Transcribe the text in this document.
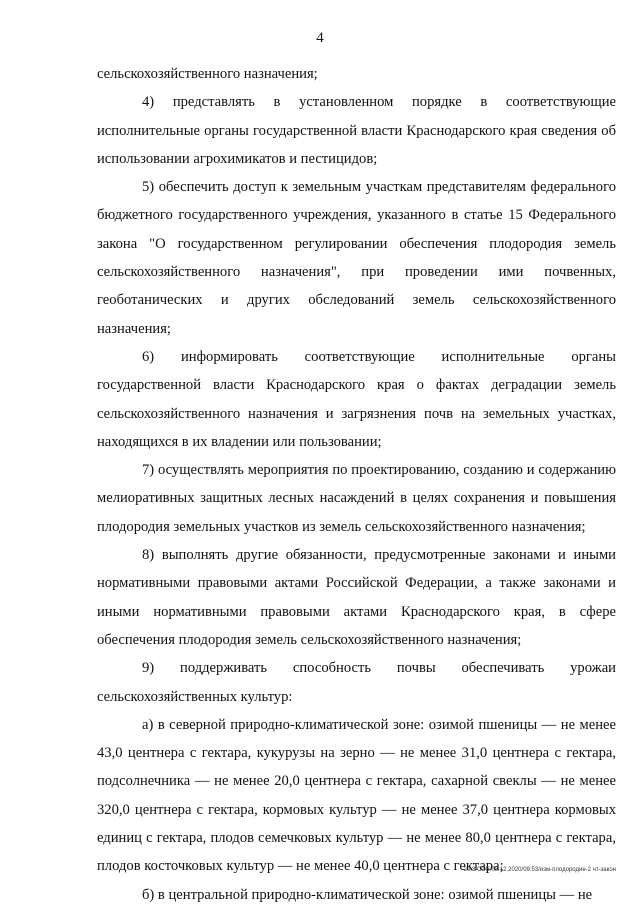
4

сельскохозяйственного назначения;

4) представлять в установленном порядке в соответствующие исполнительные органы государственной власти Краснодарского края сведения об использовании агрохимикатов и пестицидов;

5) обеспечить доступ к земельным участкам представителям федерального бюджетного государственного учреждения, указанного в статье 15 Федерального закона "О государственном регулировании обеспечения плодородия земель сельскохозяйственного назначения", при проведении ими почвенных, геоботанических и других обследований земель сельскохозяйственного назначения;

6) информировать соответствующие исполнительные органы государственной власти Краснодарского края о фактах деградации земель сельскохозяйственного назначения и загрязнения почв на земельных участках, находящихся в их владении или пользовании;

7) осуществлять мероприятия по проектированию, созданию и содержанию мелиоративных защитных лесных насаждений в целях сохранения и повышения плодородия земельных участков из земель сельскохозяйственного назначения;

8) выполнять другие обязанности, предусмотренные законами и иными нормативными правовыми актами Российской Федерации, а также законами и иными нормативными правовыми актами Краснодарского края, в сфере обеспечения плодородия земель сельскохозяйственного назначения;

9) поддерживать способность почвы обеспечивать урожаи сельскохозяйственных культур:

а) в северной природно-климатической зоне: озимой пшеницы — не менее 43,0 центнера с гектара, кукурузы на зерно — не менее 31,0 центнера с гектара, подсолнечника — не менее 20,0 центнера с гектара, сахарной свеклы — не менее 320,0 центнера с гектара, кормовых культур — не менее 37,0 центнера кормовых единиц с гектара, плодов семечковых культур — не менее 80,0 центнера с гектара, плодов косточковых культур — не менее 40,0 центнера с гектара;

б) в центральной природно-климатической зоне: озимой пшеницы — не

20.3/СОВ/08.12.2020/09:53/изм-плодородие-2 чт-закон
